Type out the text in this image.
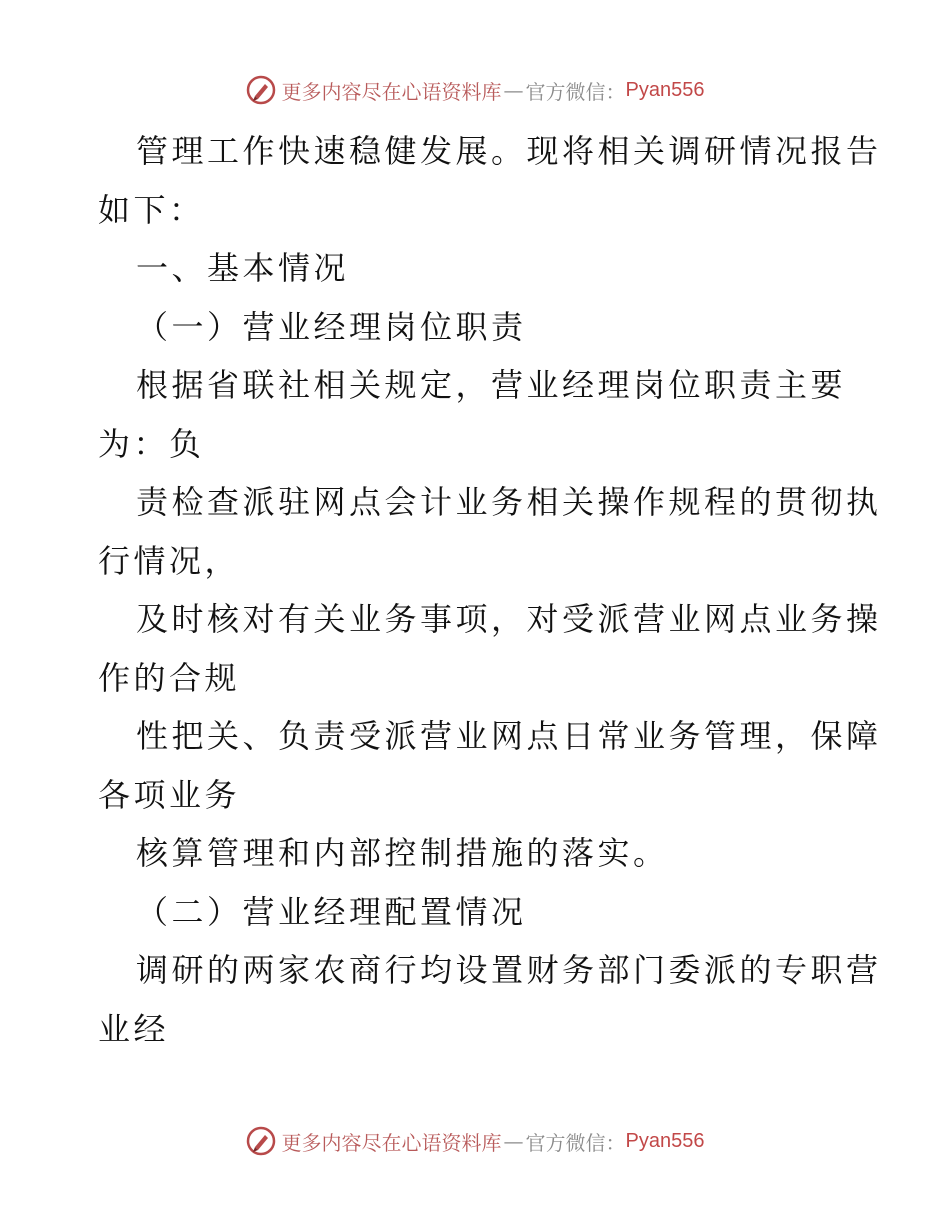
更多内容尽在心语资料库 — 官方微信： Pyan556
管理工作快速稳健发展。现将相关调研情况报告
如下：
一、基本情况
（一）营业经理岗位职责
根据省联社相关规定，营业经理岗位职责主要
为：负
责检查派驻网点会计业务相关操作规程的贯彻执
行情况，
及时核对有关业务事项，对受派营业网点业务操
作的合规
性把关、负责受派营业网点日常业务管理，保障
各项业务
核算管理和内部控制措施的落实。
（二）营业经理配置情况
调研的两家农商行均设置财务部门委派的专职营
业经
更多内容尽在心语资料库 — 官方微信： Pyan556
